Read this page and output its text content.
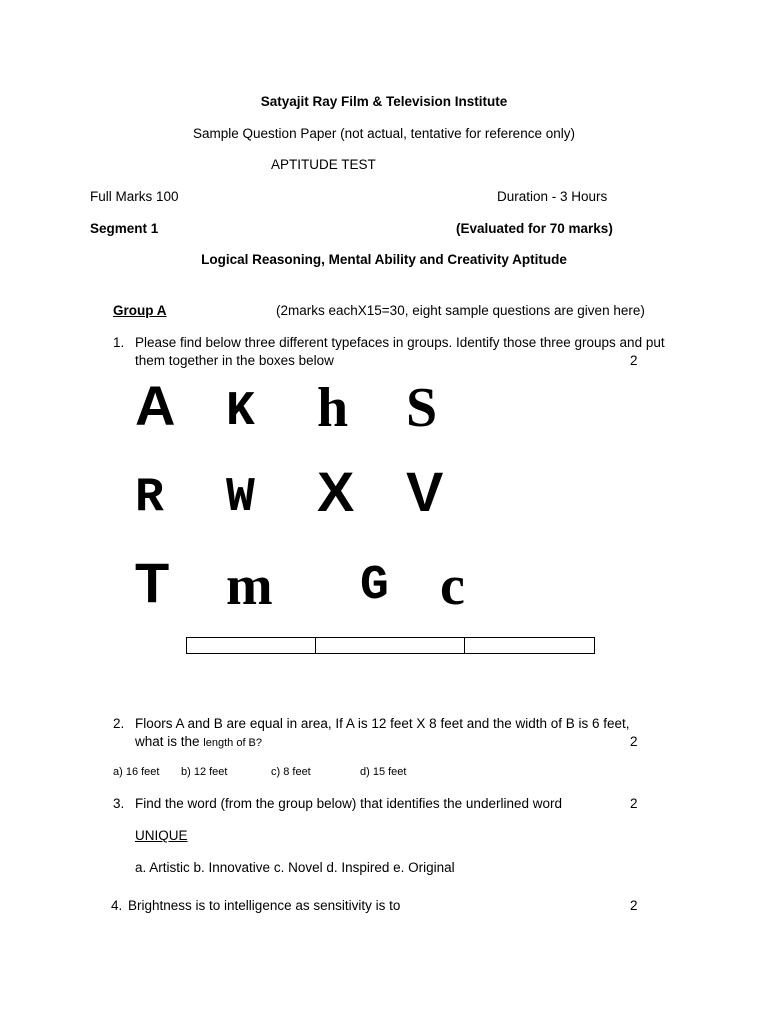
Satyajit Ray Film & Television Institute
Sample Question Paper (not actual, tentative for reference only)
APTITUDE TEST
Full Marks 100	Duration - 3 Hours
Segment 1	(Evaluated for 70 marks)
Logical Reasoning, Mental Ability and Creativity Aptitude
Group A	(2marks eachX15=30, eight sample questions are given here)
1. Please find below three different typefaces in groups. Identify those three groups and put
them together in the boxes below	2
A K h S
R W X V
T m G c
2. Floors A and B are equal in area, If A is 12 feet X 8 feet and the width of B is 6 feet,
what is the length of B?	2
a) 16 feet b) 12 feet	c) 8 feet	d) 15 feet
3. Find the word (from the group below) that identifies the underlined word	2
UNIQUE
a. Artistic b. Innovative c. Novel d. Inspired e. Original
4. Brightness is to intelligence as sensitivity is to	2
